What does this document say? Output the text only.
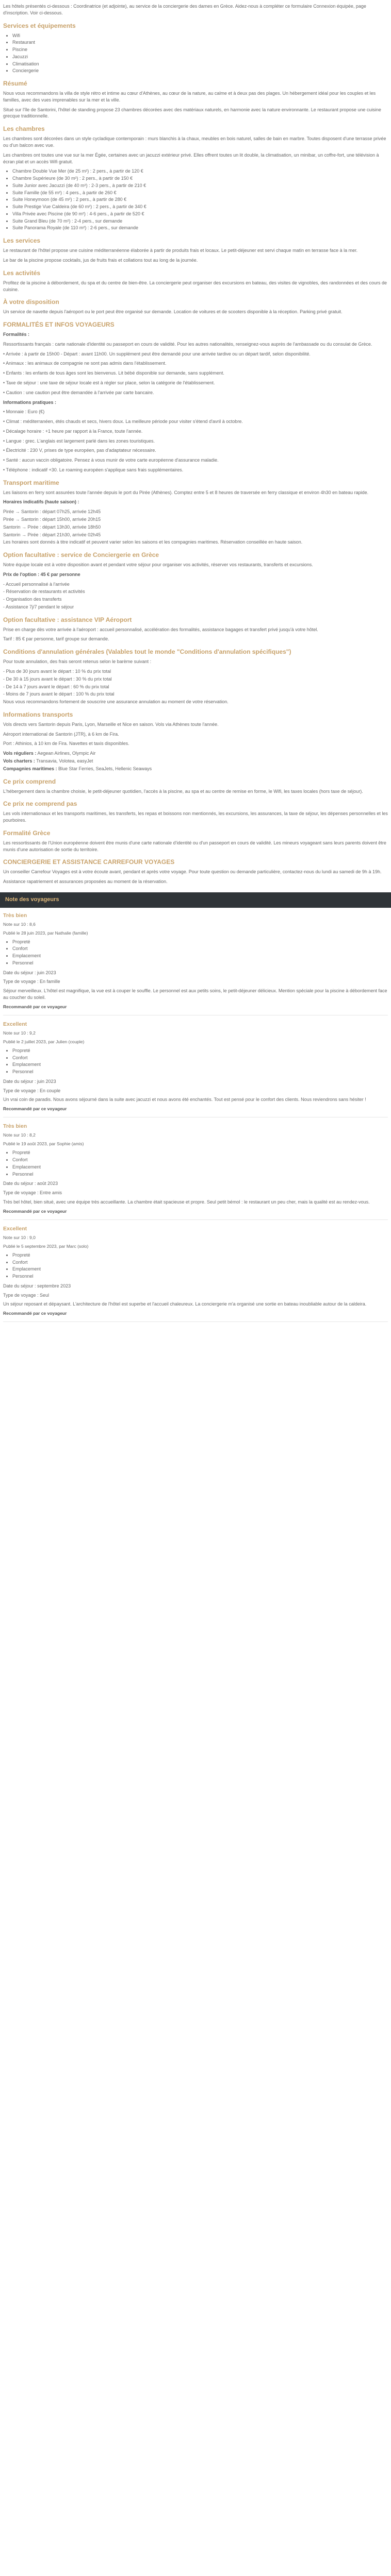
Les hôtels présentés ci-dessous : Coordinatrice (et adjointe), au service de la conciergerie des dames en Grèce. Aidez-nous à compléter ce formulaire Connexion équipée, page d'inscription. Voir ci-dessous.

Services et équipements
• Wifi
• Restaurant
• Piscine
• Jacuzzi
• Climatisation
• Conciergerie
Résumé

Nous vous recommandons la villa de style rétro et intime au cœur d'Athènes, au cœur de la nature, au calme et à deux pas des plages. Un hébergement idéal pour les couples et les familles, avec des vues imprenables sur la mer et la ville.

Situé sur l'île de Santorini, l'hôtel de standing propose 23 chambres décorées avec des matériaux naturels, en harmonie avec la nature environnante. Le restaurant propose une cuisine grecque traditionnelle.

Les chambres

Les chambres sont décorées dans un style cycladique contemporain : murs blanchis à la chaux, meubles en bois naturel, salles de bain en marbre. Toutes disposent d'une terrasse privée ou d'un balcon avec vue.

Les chambres ont toutes une vue sur la mer Égée, certaines avec un jacuzzi extérieur privé. Elles offrent toutes un lit double, la climatisation, un minibar, un coffre-fort, une télévision à écran plat et un accès Wifi gratuit.

• Chambre Double Vue Mer (de 25 m²) : 2 pers., à partir de 120 €
• Chambre Supérieure (de 30 m²) : 2 pers., à partir de 150 €
• Suite Junior avec Jacuzzi (de 40 m²) : 2-3 pers., à partir de 210 €
• Suite Famille (de 55 m²) : 4 pers., à partir de 260 €
• Suite Honeymoon (de 45 m²) : 2 pers., à partir de 280 €
• Suite Prestige Vue Caldeira (de 60 m²) : 2 pers., à partir de 340 €
• Villa Privée avec Piscine (de 90 m²) : 4-6 pers., à partir de 520 €
• Suite Grand Bleu (de 70 m²) : 2-4 pers., sur demande
• Suite Panorama Royale (de 110 m²) : 2-6 pers., sur demande
Les services

Le restaurant de l'hôtel propose une cuisine méditerranéenne élaborée à partir de produits frais et locaux. Le petit-déjeuner est servi chaque matin en terrasse face à la mer.

Le bar de la piscine propose cocktails, jus de fruits frais et collations tout au long de la journée.

Les activités

Profitez de la piscine à débordement, du spa et du centre de bien-être. La conciergerie peut organiser des excursions en bateau, des visites de vignobles, des randonnées et des cours de cuisine.

À votre disposition

Un service de navette depuis l'aéroport ou le port peut être organisé sur demande. Location de voitures et de scooters disponible à la réception. Parking privé gratuit.

FORMALITÉS ET INFOS VOYAGEURS

Formalités :

Ressortissants français : carte nationale d'identité ou passeport en cours de validité. Pour les autres nationalités, renseignez-vous auprès de l'ambassade ou du consulat de Grèce.

• Arrivée : à partir de 15h00 - Départ : avant 11h00. Un supplément peut être demandé pour une arrivée tardive ou un départ tardif, selon disponibilité.

• Animaux : les animaux de compagnie ne sont pas admis dans l'établissement.

• Enfants : les enfants de tous âges sont les bienvenus. Lit bébé disponible sur demande, sans supplément.

• Taxe de séjour : une taxe de séjour locale est à régler sur place, selon la catégorie de l'établissement.

• Caution : une caution peut être demandée à l'arrivée par carte bancaire.

Informations pratiques :

• Monnaie : Euro (€)

• Climat : méditerranéen, étés chauds et secs, hivers doux. La meilleure période pour visiter s'étend d'avril à octobre.

• Décalage horaire : +1 heure par rapport à la France, toute l'année.

• Langue : grec. L'anglais est largement parlé dans les zones touristiques.

• Électricité : 230 V, prises de type européen, pas d'adaptateur nécessaire.

• Santé : aucun vaccin obligatoire. Pensez à vous munir de votre carte européenne d'assurance maladie.

• Téléphone : indicatif +30. Le roaming européen s'applique sans frais supplémentaires.

Transport maritime

Les liaisons en ferry sont assurées toute l'année depuis le port du Pirée (Athènes). Comptez entre 5 et 8 heures de traversée en ferry classique et environ 4h30 en bateau rapide.

Horaires indicatifs (haute saison) :

Pirée → Santorin : départ 07h25, arrivée 12h45

Pirée → Santorin : départ 15h00, arrivée 20h15

Santorin → Pirée : départ 13h30, arrivée 18h50

Santorin → Pirée : départ 21h30, arrivée 02h45

Les horaires sont donnés à titre indicatif et peuvent varier selon les saisons et les compagnies maritimes. Réservation conseillée en haute saison.

Option facultative : service de Conciergerie en Grèce

Notre équipe locale est à votre disposition avant et pendant votre séjour pour organiser vos activités, réserver vos restaurants, transferts et excursions.

Prix de l'option : 45 € par personne

- Accueil personnalisé à l'arrivée

- Réservation de restaurants et activités

- Organisation des transferts

- Assistance 7j/7 pendant le séjour

Option facultative : assistance VIP Aéroport

Prise en charge dès votre arrivée à l'aéroport : accueil personnalisé, accélération des formalités, assistance bagages et transfert privé jusqu'à votre hôtel.

Tarif : 85 € par personne, tarif groupe sur demande.

Conditions d'annulation générales (Valables tout le monde "Conditions d'annulation spécifiques")

Pour toute annulation, des frais seront retenus selon le barème suivant :

- Plus de 30 jours avant le départ : 10 % du prix total

- De 30 à 15 jours avant le départ : 30 % du prix total

- De 14 à 7 jours avant le départ : 60 % du prix total

- Moins de 7 jours avant le départ : 100 % du prix total

Nous vous recommandons fortement de souscrire une assurance annulation au moment de votre réservation.

Informations transports

Vols directs vers Santorin depuis Paris, Lyon, Marseille et Nice en saison. Vols via Athènes toute l'année.

Aéroport international de Santorin (JTR), à 6 km de Fira.

Port : Athinios, à 10 km de Fira. Navettes et taxis disponibles.

Vols réguliers : Aegean Airlines, Olympic Air

Vols charters : Transavia, Volotea, easyJet

Compagnies maritimes : Blue Star Ferries, SeaJets, Hellenic Seaways

Ce prix comprend

L'hébergement dans la chambre choisie, le petit-déjeuner quotidien, l'accès à la piscine, au spa et au centre de remise en forme, le Wifi, les taxes locales (hors taxe de séjour).

Ce prix ne comprend pas

Les vols internationaux et les transports maritimes, les transferts, les repas et boissons non mentionnés, les excursions, les assurances, la taxe de séjour, les dépenses personnelles et les pourboires.

Formalité Grèce

Les ressortissants de l'Union européenne doivent être munis d'une carte nationale d'identité ou d'un passeport en cours de validité. Les mineurs voyageant sans leurs parents doivent être munis d'une autorisation de sortie du territoire.

CONCIERGERIE ET ASSISTANCE CARREFOUR VOYAGES

Un conseiller Carrefour Voyages est à votre écoute avant, pendant et après votre voyage. Pour toute question ou demande particulière, contactez-nous du lundi au samedi de 9h à 19h.

Assistance rapatriement et assurances proposées au moment de la réservation.

Note des voyageurs
Très bien

Note sur 10 : 8,6

Publié le 28 juin 2023, par Nathalie (famille)

• Propreté
• Confort
• Emplacement
• Personnel

Date du séjour : juin 2023

Type de voyage : En famille

Séjour merveilleux. L'hôtel est magnifique, la vue est à couper le souffle. Le personnel est aux petits soins, le petit-déjeuner délicieux. Mention spéciale pour la piscine à débordement face au coucher du soleil.

Recommandé par ce voyageur

Excellent

Note sur 10 : 9,2

Publié le 2 juillet 2023, par Julien (couple)

• Propreté
• Confort
• Emplacement
• Personnel

Date du séjour : juin 2023

Type de voyage : En couple

Un vrai coin de paradis. Nous avons séjourné dans la suite avec jacuzzi et nous avons été enchantés. Tout est pensé pour le confort des clients. Nous reviendrons sans hésiter !

Recommandé par ce voyageur

Très bien

Note sur 10 : 8,2

Publié le 19 août 2023, par Sophie (amis)

• Propreté
• Confort
• Emplacement
• Personnel

Date du séjour : août 2023

Type de voyage : Entre amis

Très bel hôtel, bien situé, avec une équipe très accueillante. La chambre était spacieuse et propre. Seul petit bémol : le restaurant un peu cher, mais la qualité est au rendez-vous.

Recommandé par ce voyageur

Excellent

Note sur 10 : 9,0

Publié le 5 septembre 2023, par Marc (solo)

• Propreté
• Confort
• Emplacement
• Personnel

Date du séjour : septembre 2023

Type de voyage : Seul

Un séjour reposant et dépaysant. L'architecture de l'hôtel est superbe et l'accueil chaleureux. La conciergerie m'a organisé une sortie en bateau inoubliable autour de la caldeira.

Recommandé par ce voyageur
